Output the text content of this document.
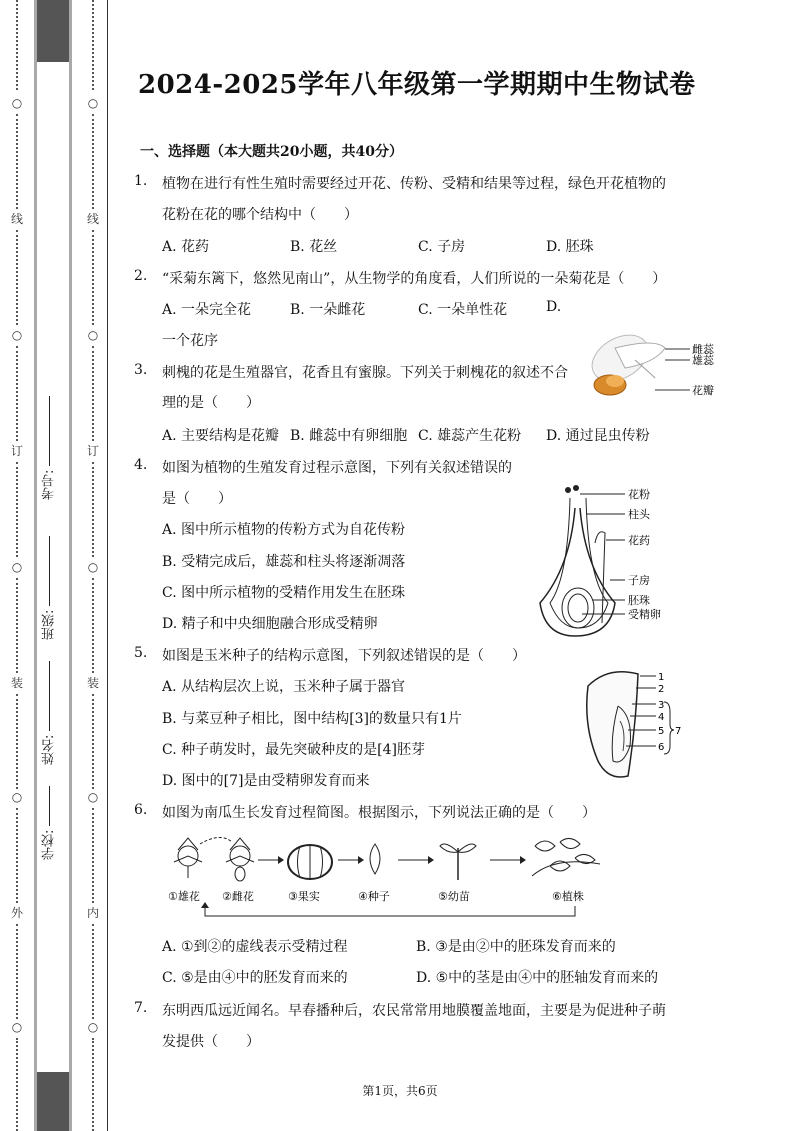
○
线
○
订
○
装
○
外
○
考号:
班级:
姓名:
学校:
○
线
○
订
○
装
○
内
○
2024-2025学年八年级第一学期期中生物试卷
一、选择题（本大题共20小题，共40分）
1. 植物在进行有性生殖时需要经过开花、传粉、受精和结果等过程，绿色开花植物的
花粉在花的哪个结构中（　　）
A. 花药	B. 花丝	C. 子房	D. 胚珠
2. “采菊东篱下，悠然见南山”，从生物学的角度看，人们所说的一朵菊花是（　　）
A. 一朵完全花	B. 一朵雌花	C. 一朵单性花	D.
一个花序
3. 刺槐的花是生殖器官，花香且有蜜腺。下列关于刺槐花的叙述不合
理的是（　　）
A. 主要结构是花瓣 B. 雌蕊中有卵细胞 C. 雄蕊产生花粉 D. 通过昆虫传粉
雌蕊
雄蕊
花瓣
4. 如图为植物的生殖发育过程示意图，下列有关叙述错误的
是（　　）
A. 图中所示植物的传粉方式为自花传粉
B. 受精完成后，雄蕊和柱头将逐渐凋落
C. 图中所示植物的受精作用发生在胚珠
D. 精子和中央细胞融合形成受精卵
花粉
柱头
花药
子房
胚珠
受精卵
5. 如图是玉米种子的结构示意图，下列叙述错误的是（　　）
A. 从结构层次上说，玉米种子属于器官
B. 与菜豆种子相比，图中结构[3]的数量只有1片
C. 种子萌发时，最先突破种皮的是[4]胚芽
D. 图中的[7]是由受精卵发育而来
1
2
3
4
5
6
7
6. 如图为南瓜生长发育过程简图。根据图示，下列说法正确的是（　　）
①雄花 ②雌花	③果实	④种子	⑤幼苗	⑥植株
A. ①到②的虚线表示受精过程	B. ③是由②中的胚珠发育而来的
C. ⑤是由④中的胚发育而来的	D. ⑤中的茎是由④中的胚轴发育而来的
7. 东明西瓜远近闻名。早春播种后，农民常常用地膜覆盖地面，主要是为促进种子萌
发提供（　　）
第1页，共6页
